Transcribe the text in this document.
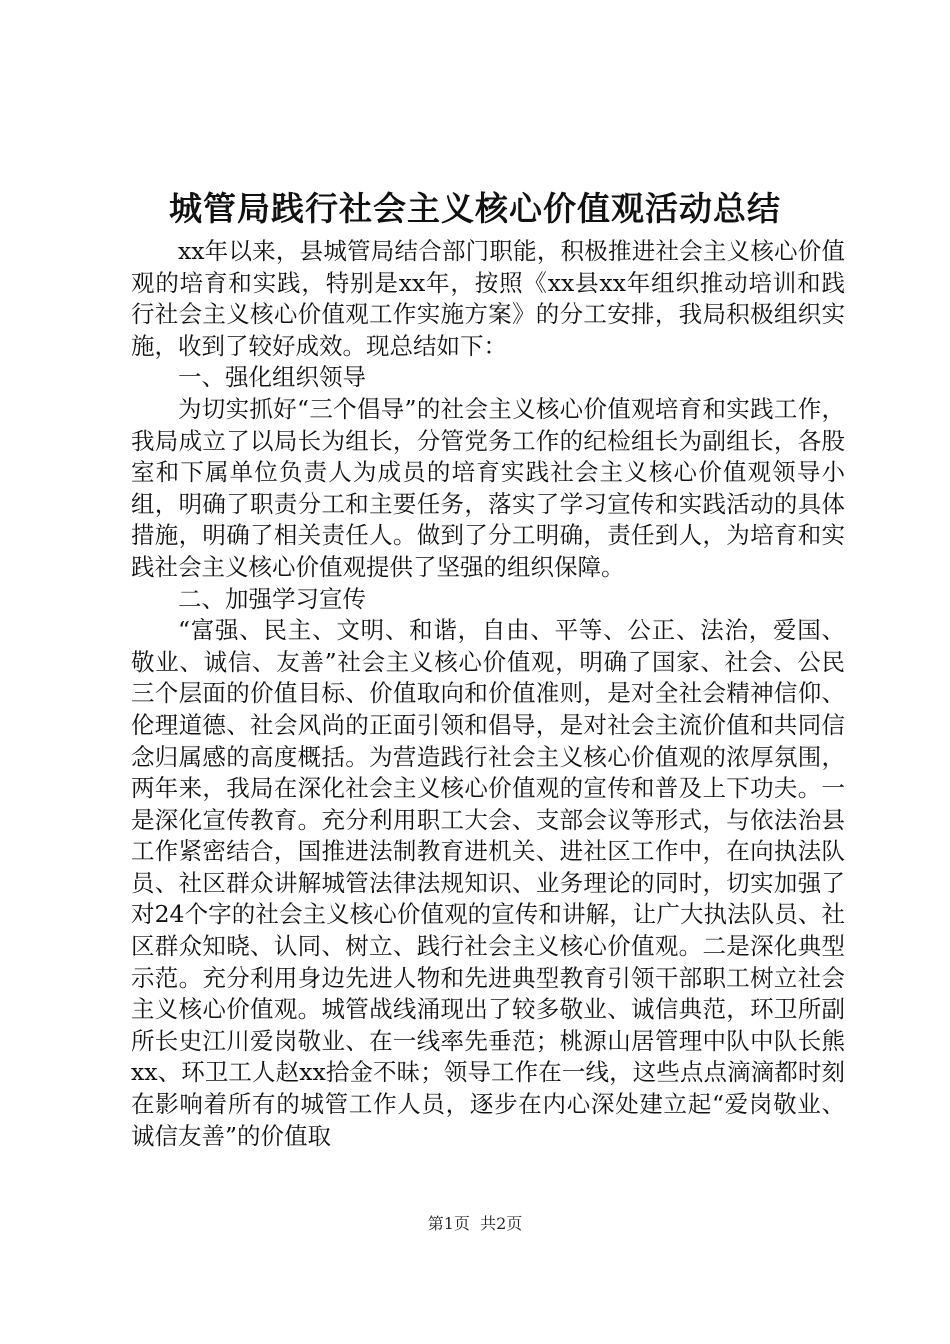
城管局践行社会主义核心价值观活动总结

xx年以来，县城管局结合部门职能，积极推进社会主义核心价值观的培育和实践，特别是xx年，按照《xx县xx年组织推动培训和践行社会主义核心价值观工作实施方案》的分工安排，我局积极组织实施，收到了较好成效。现总结如下：

一、强化组织领导

为切实抓好“三个倡导”的社会主义核心价值观培育和实践工作，我局成立了以局长为组长，分管党务工作的纪检组长为副组长，各股室和下属单位负责人为成员的培育实践社会主义核心价值观领导小组，明确了职责分工和主要任务，落实了学习宣传和实践活动的具体措施，明确了相关责任人。做到了分工明确，责任到人，为培育和实践社会主义核心价值观提供了坚强的组织保障。

二、加强学习宣传

“富强、民主、文明、和谐，自由、平等、公正、法治，爱国、敬业、诚信、友善”社会主义核心价值观，明确了国家、社会、公民三个层面的价值目标、价值取向和价值准则，是对全社会精神信仰、伦理道德、社会风尚的正面引领和倡导，是对社会主流价值和共同信念归属感的高度概括。为营造践行社会主义核心价值观的浓厚氛围，两年来，我局在深化社会主义核心价值观的宣传和普及上下功夫。一是深化宣传教育。充分利用职工大会、支部会议等形式，与依法治县工作紧密结合，国推进法制教育进机关、进社区工作中，在向执法队员、社区群众讲解城管法律法规知识、业务理论的同时，切实加强了对24个字的社会主义核心价值观的宣传和讲解，让广大执法队员、社区群众知晓、认同、树立、践行社会主义核心价值观。二是深化典型示范。充分利用身边先进人物和先进典型教育引领干部职工树立社会主义核心价值观。城管战线涌现出了较多敬业、诚信典范，环卫所副所长史江川爱岗敬业、在一线率先垂范；桃源山居管理中队中队长熊xx、环卫工人赵xx拾金不昧；领导工作在一线，这些点点滴滴都时刻在影响着所有的城管工作人员，逐步在内心深处建立起“爱岗敬业、诚信友善”的价值取

第1页 共2页
